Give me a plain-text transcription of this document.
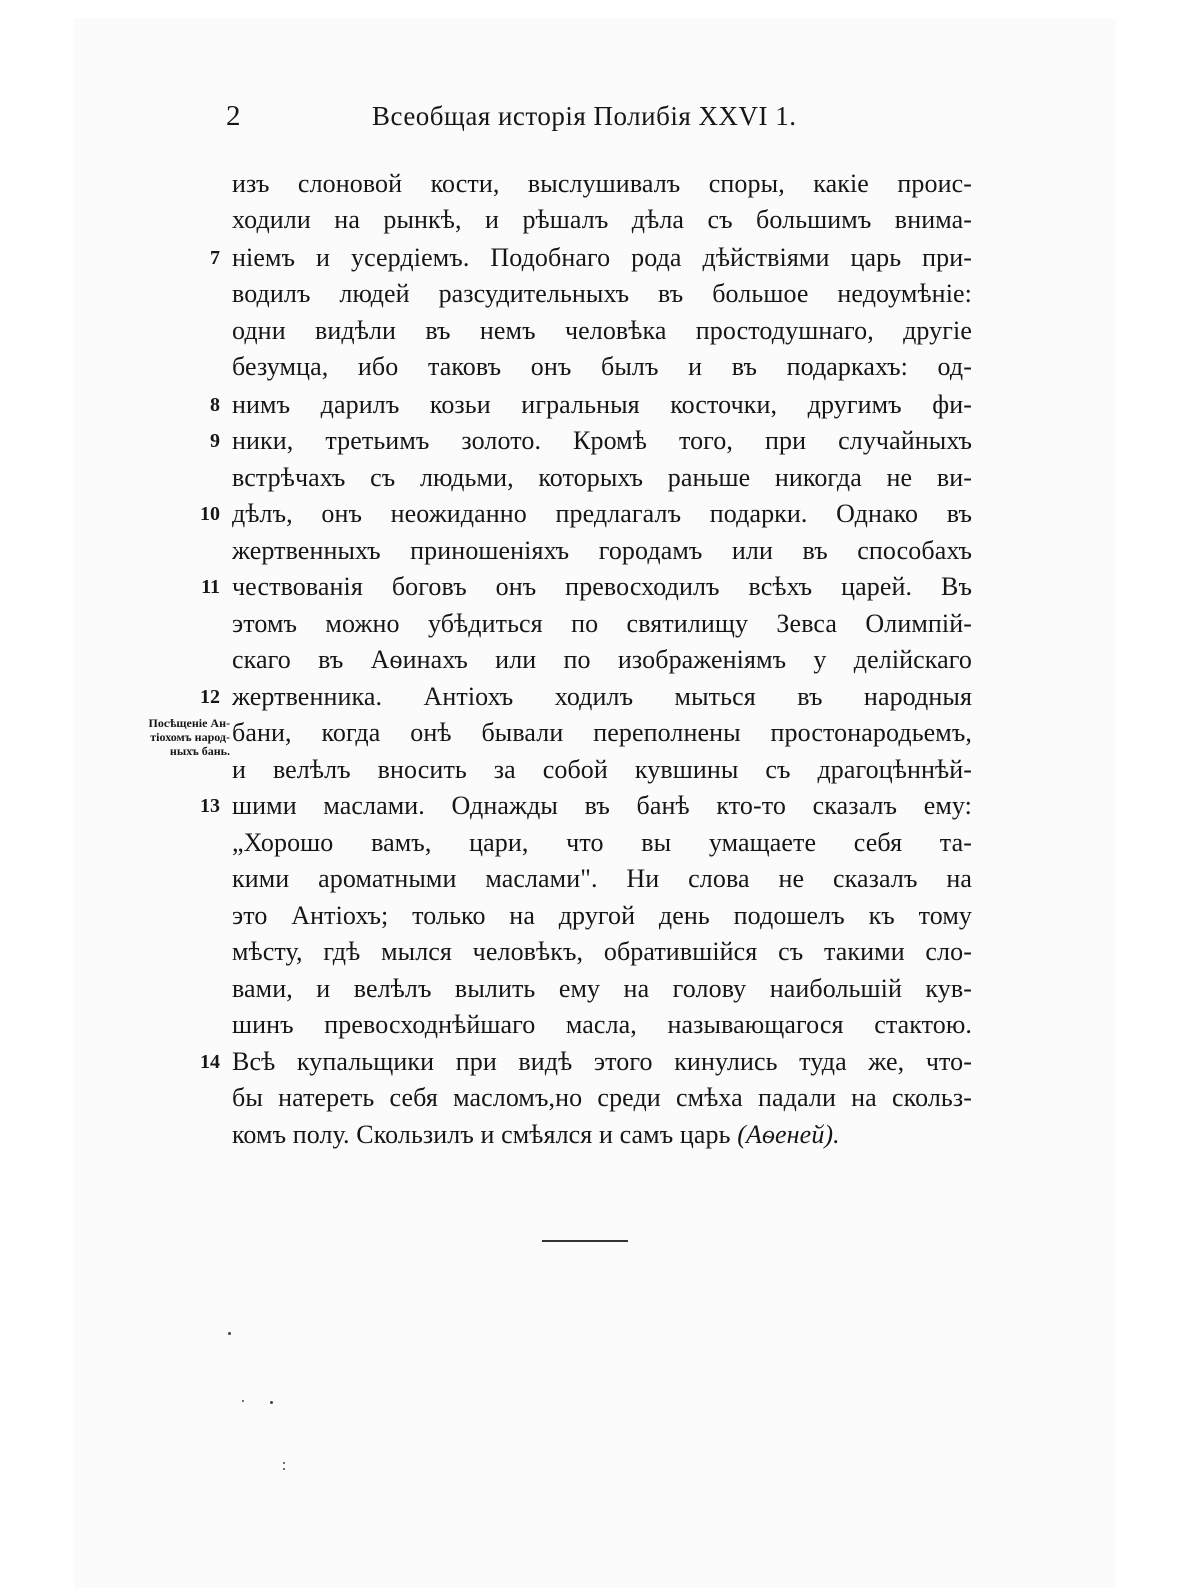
2	Всеобщая исторія Полибія XXVI 1.
Посѣщеніе Ан-
тіохомъ народ-
ныхъ бань.
изъ слоновой кости, выслушивалъ споры, какіе проис-
ходили на рынкѣ, и рѣшалъ дѣла съ большимъ внима-
7 ніемъ и усердіемъ. Подобнаго рода дѣйствіями царь при-
водилъ людей разсудительныхъ въ большое недоумѣніе:
одни видѣли въ немъ человѣка простодушнаго, другіе
безумца, ибо таковъ онъ былъ и въ подаркахъ: од-
8 нимъ дарилъ козьи игральныя косточки, другимъ фи-
9 ники, третьимъ золото. Кромѣ того, при случайныхъ
встрѣчахъ съ людьми, которыхъ раньше никогда не ви-
10 дѣлъ, онъ неожиданно предлагалъ подарки. Однако въ
жертвенныхъ приношеніяхъ городамъ или въ способахъ
11 чествованія боговъ онъ превосходилъ всѣхъ царей. Въ
этомъ можно убѣдиться по святилищу Зевса Олимпій-
скаго въ Аѳинахъ или по изображеніямъ у делійскаго
12 жертвенника. Антіохъ ходилъ мыться въ народныя
бани, когда онѣ бывали переполнены простонародьемъ,
и велѣлъ вносить за собой кувшины съ драгоцѣннѣй-
13 шими маслами. Однажды въ банѣ кто-то сказалъ ему:
„Хорошо вамъ, цари, что вы умащаете себя та-
кими ароматными маслами". Ни слова не сказалъ на
это Антіохъ; только на другой день подошелъ къ тому
мѣсту, гдѣ мылся человѣкъ, обратившійся съ такими сло-
вами, и велѣлъ вылить ему на голову наибольшій кув-
шинъ превосходнѣйшаго масла, называющагося стактою.
14 Всѣ купальщики при видѣ этого кинулись туда же, что-
бы натереть себя масломъ,но среди смѣха падали на скольз-
комъ полу. Скользилъ и смѣялся и самъ царь (Аѳеней).
